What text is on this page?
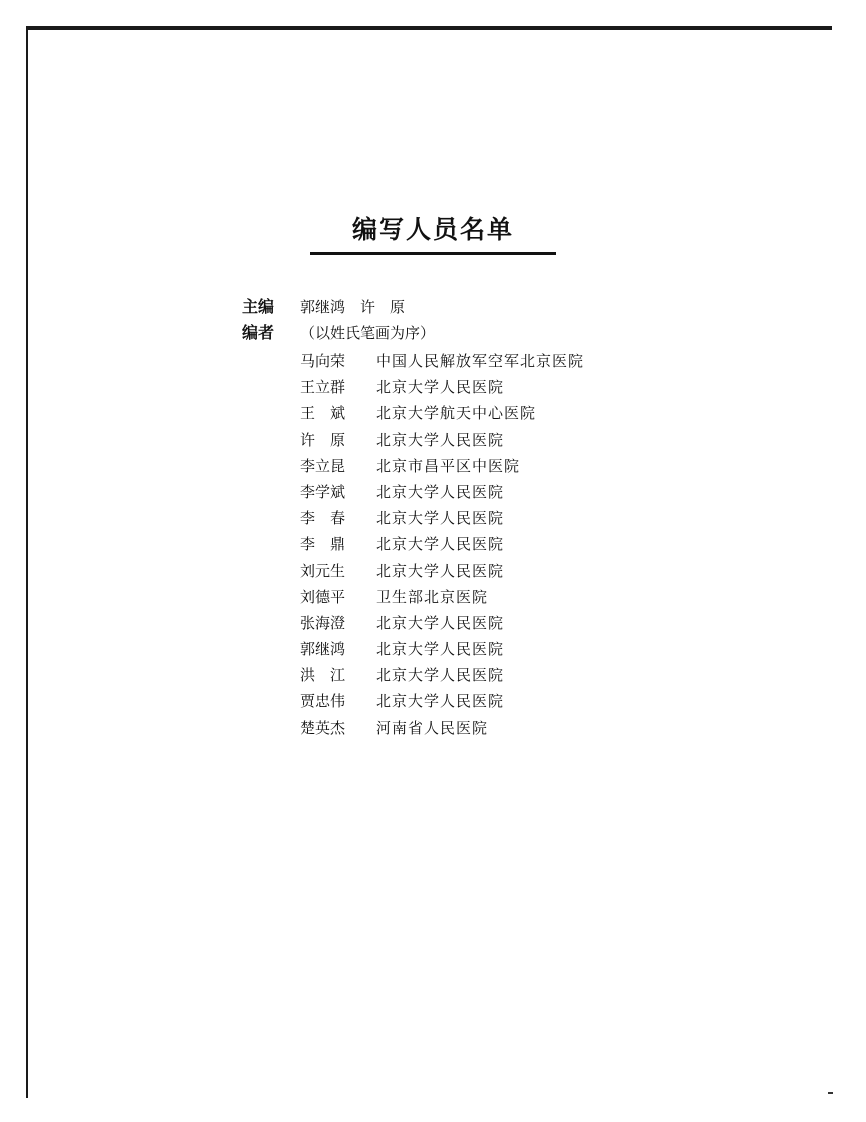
编写人员名单
主编 郭继鸿　许　原
编者 （以姓氏笔画为序）
马向荣 中国人民解放军空军北京医院
王立群 北京大学人民医院
王　斌 北京大学航天中心医院
许　原 北京大学人民医院
李立昆 北京市昌平区中医院
李学斌 北京大学人民医院
李　春 北京大学人民医院
李　鼎 北京大学人民医院
刘元生 北京大学人民医院
刘德平 卫生部北京医院
张海澄 北京大学人民医院
郭继鸿 北京大学人民医院
洪　江 北京大学人民医院
贾忠伟 北京大学人民医院
楚英杰 河南省人民医院
